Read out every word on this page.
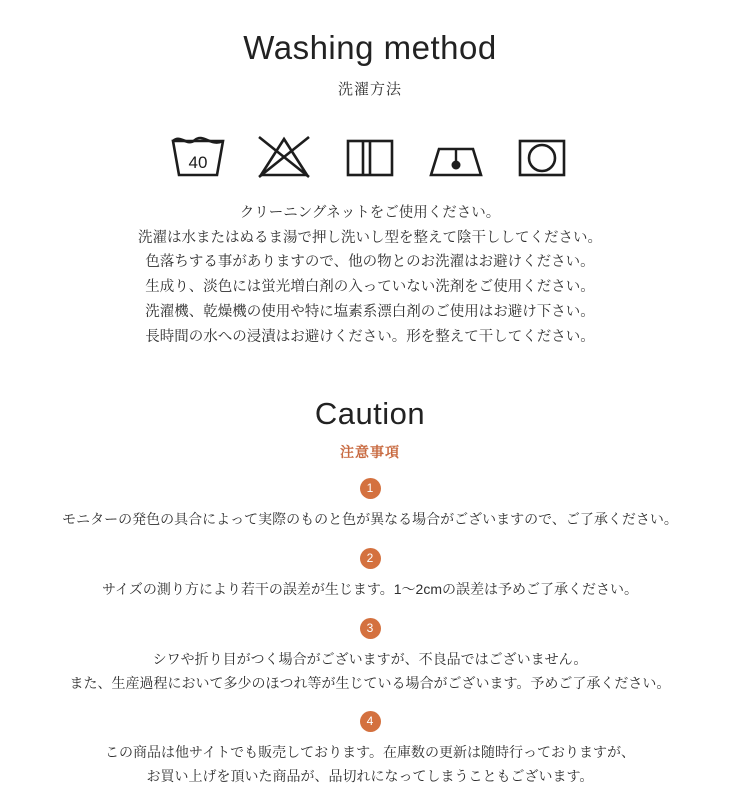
Washing method
洗濯方法
40
クリーニングネットをご使用ください。
洗濯は水またはぬるま湯で押し洗いし型を整えて陰干ししてください。
色落ちする事がありますので、他の物とのお洗濯はお避けください。
生成り、淡色には蛍光増白剤の入っていない洗剤をご使用ください。
洗濯機、乾燥機の使用や特に塩素系漂白剤のご使用はお避け下さい。
長時間の水への浸漬はお避けください。形を整えて干してください。
Caution
注意事項
1
モニターの発色の具合によって実際のものと色が異なる場合がございますので、ご了承ください。
2
サイズの測り方により若干の誤差が生じます。1〜2cmの誤差は予めご了承ください。
3
シワや折り目がつく場合がございますが、不良品ではございません。
また、生産過程において多少のほつれ等が生じている場合がございます。予めご了承ください。
4
この商品は他サイトでも販売しております。在庫数の更新は随時行っておりますが、
お買い上げを頂いた商品が、品切れになってしまうこともございます。
